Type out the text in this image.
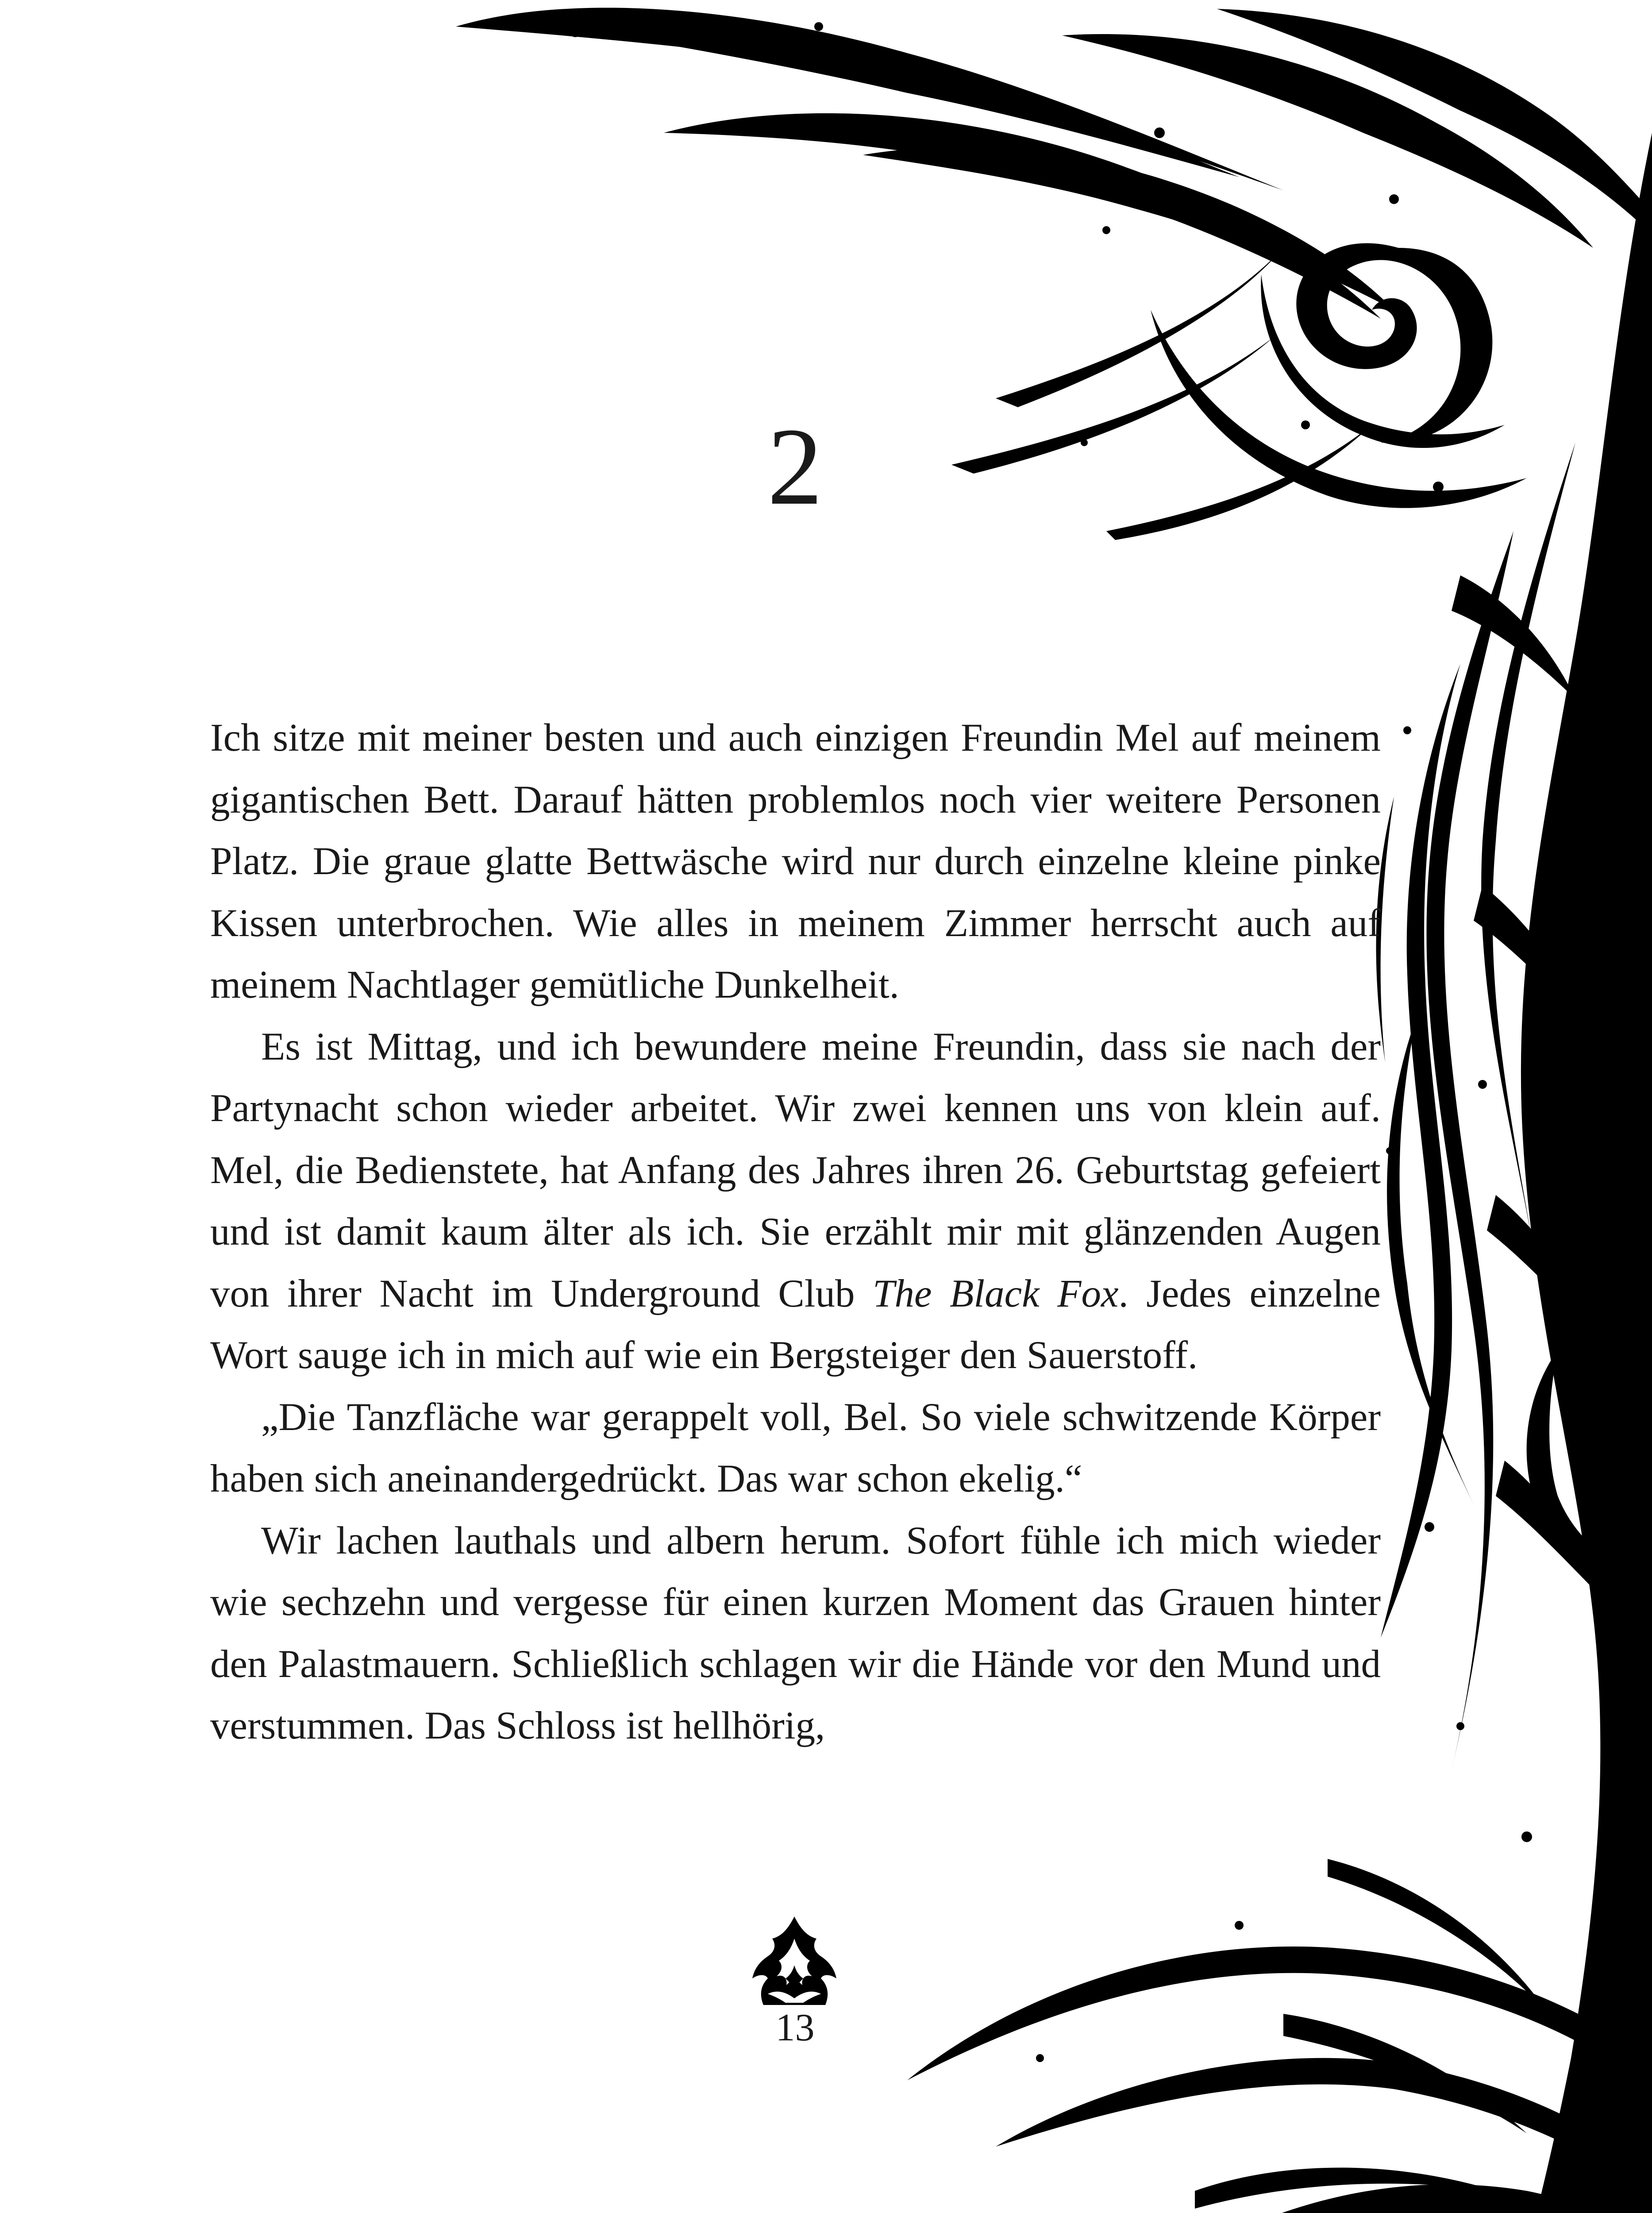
2

Ich sitze mit meiner besten und auch einzigen Freundin Mel auf meinem gigantischen Bett. Darauf hätten problemlos noch vier weitere Personen Platz. Die graue glatte Bettwäsche wird nur durch einzelne kleine pinke Kissen unterbrochen. Wie alles in meinem Zimmer herrscht auch auf meinem Nachtlager gemütliche Dunkelheit.

Es ist Mittag, und ich bewundere meine Freundin, dass sie nach der Partynacht schon wieder arbeitet. Wir zwei kennen uns von klein auf. Mel, die Bedienstete, hat Anfang des Jahres ihren 26. Geburtstag gefeiert und ist damit kaum älter als ich. Sie erzählt mir mit glänzenden Augen von ihrer Nacht im Underground Club The Black Fox. Jedes einzelne Wort sauge ich in mich auf wie ein Bergsteiger den Sauerstoff.

„Die Tanzfläche war gerappelt voll, Bel. So viele schwitzende Körper haben sich aneinandergedrückt. Das war schon ekelig.“

Wir lachen lauthals und albern herum. Sofort fühle ich mich wieder wie sechzehn und vergesse für einen kurzen Moment das Grauen hinter den Palastmauern. Schließlich schlagen wir die Hände vor den Mund und verstummen. Das Schloss ist hellhörig,

13
